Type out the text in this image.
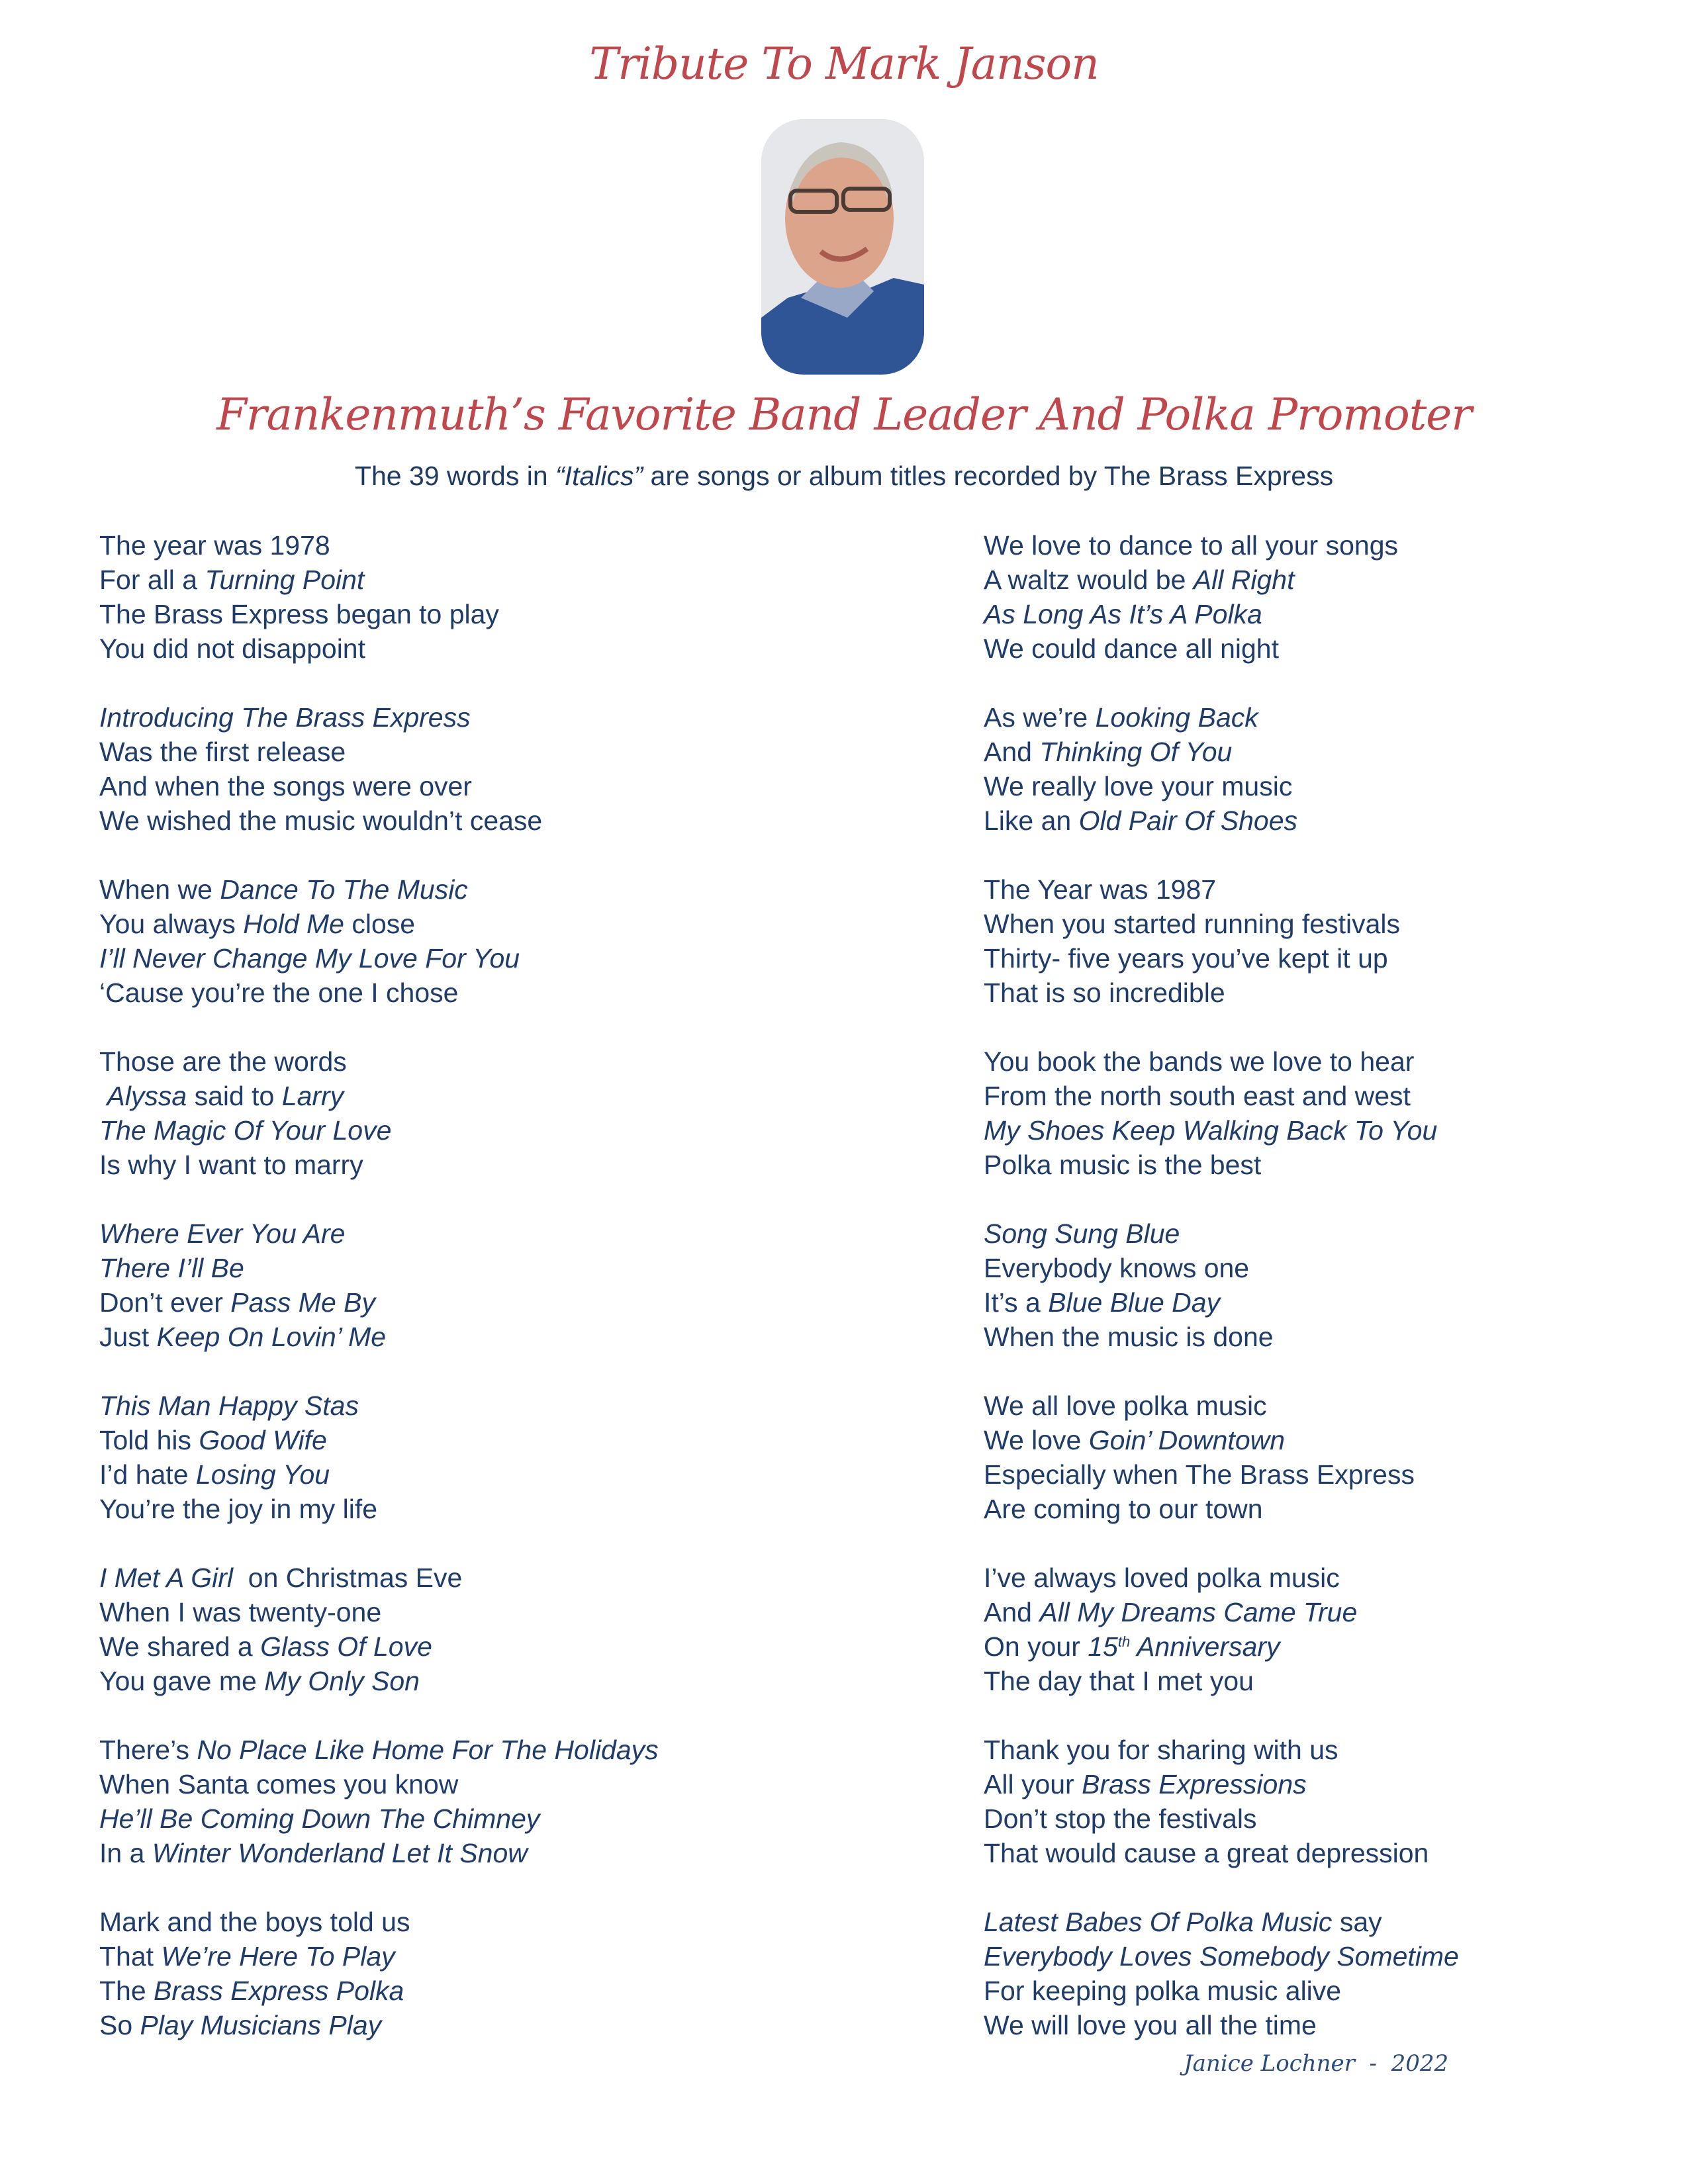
Tribute To Mark Janson
Frankenmuth’s Favorite Band Leader And Polka Promoter
The 39 words in “Italics” are songs or album titles recorded by The Brass Express
The year was 1978
For all a Turning Point
The Brass Express began to play
You did not disappoint
Introducing The Brass Express
Was the first release
And when the songs were over
We wished the music wouldn’t cease
When we Dance To The Music
You always Hold Me close
I’ll Never Change My Love For You
‘Cause you’re the one I chose
Those are the words
Alyssa said to Larry
The Magic Of Your Love
Is why I want to marry
Where Ever You Are
There I’ll Be
Don’t ever Pass Me By
Just Keep On Lovin’ Me
This Man Happy Stas
Told his Good Wife
I’d hate Losing You
You’re the joy in my life
I Met A Girl  on Christmas Eve
When I was twenty-one
We shared a Glass Of Love
You gave me My Only Son
There’s No Place Like Home For The Holidays
When Santa comes you know
He’ll Be Coming Down The Chimney
In a Winter Wonderland Let It Snow
Mark and the boys told us
That We’re Here To Play
The Brass Express Polka
So Play Musicians Play
We love to dance to all your songs
A waltz would be All Right
As Long As It’s A Polka
We could dance all night
As we’re Looking Back
And Thinking Of You
We really love your music
Like an Old Pair Of Shoes
The Year was 1987
When you started running festivals
Thirty- five years you’ve kept it up
That is so incredible
You book the bands we love to hear
From the north south east and west
My Shoes Keep Walking Back To You
Polka music is the best
Song Sung Blue
Everybody knows one
It’s a Blue Blue Day
When the music is done
We all love polka music
We love Goin’ Downtown
Especially when The Brass Express
Are coming to our town
I’ve always loved polka music
And All My Dreams Came True
On your 15th Anniversary
The day that I met you
Thank you for sharing with us
All your Brass Expressions
Don’t stop the festivals
That would cause a great depression
Latest Babes Of Polka Music say
Everybody Loves Somebody Sometime
For keeping polka music alive
We will love you all the time
Janice Lochner  -  2022
